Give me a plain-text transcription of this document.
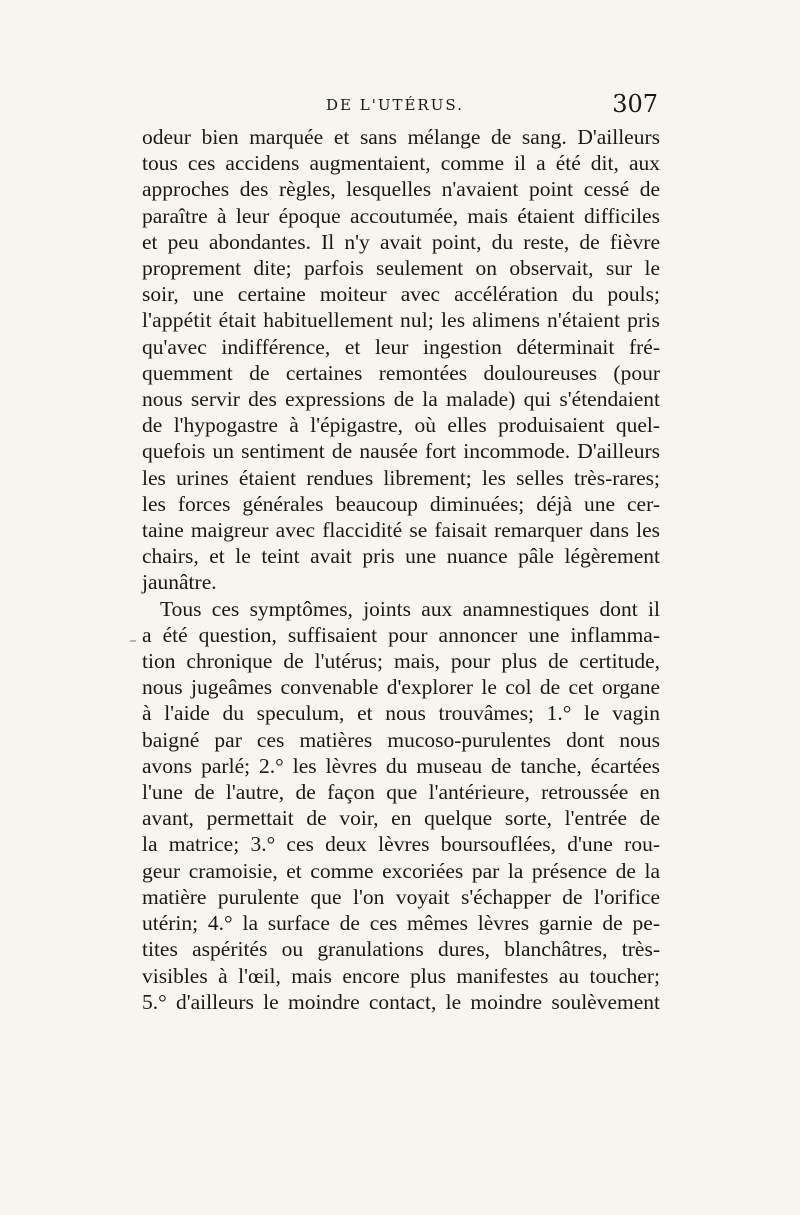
DE L'UTÉRUS.	307
odeur bien marquée et sans mélange de sang. D'ailleurs
tous ces accidens augmentaient, comme il a été dit, aux
approches des règles, lesquelles n'avaient point cessé de
paraître à leur époque accoutumée, mais étaient difficiles
et peu abondantes. Il n'y avait point, du reste, de fièvre
proprement dite; parfois seulement on observait, sur le
soir, une certaine moiteur avec accélération du pouls;
l'appétit était habituellement nul; les alimens n'étaient pris
qu'avec indifférence, et leur ingestion déterminait fré-
quemment de certaines remontées douloureuses (pour
nous servir des expressions de la malade) qui s'étendaient
de l'hypogastre à l'épigastre, où elles produisaient quel-
quefois un sentiment de nausée fort incommode. D'ailleurs
les urines étaient rendues librement; les selles très-rares;
les forces générales beaucoup diminuées; déjà une cer-
taine maigreur avec flaccidité se faisait remarquer dans les
chairs, et le teint avait pris une nuance pâle légèrement
jaunâtre.
Tous ces symptômes, joints aux anamnestiques dont il
a été question, suffisaient pour annoncer une inflamma-
tion chronique de l'utérus; mais, pour plus de certitude,
nous jugeâmes convenable d'explorer le col de cet organe
à l'aide du speculum, et nous trouvâmes; 1.° le vagin
baigné par ces matières mucoso-purulentes dont nous
avons parlé; 2.° les lèvres du museau de tanche, écartées
l'une de l'autre, de façon que l'antérieure, retroussée en
avant, permettait de voir, en quelque sorte, l'entrée de
la matrice; 3.° ces deux lèvres boursouflées, d'une rou-
geur cramoisie, et comme excoriées par la présence de la
matière purulente que l'on voyait s'échapper de l'orifice
utérin; 4.° la surface de ces mêmes lèvres garnie de pe-
tites aspérités ou granulations dures, blanchâtres, très-
visibles à l'œil, mais encore plus manifestes au toucher;
5.° d'ailleurs le moindre contact, le moindre soulèvement
